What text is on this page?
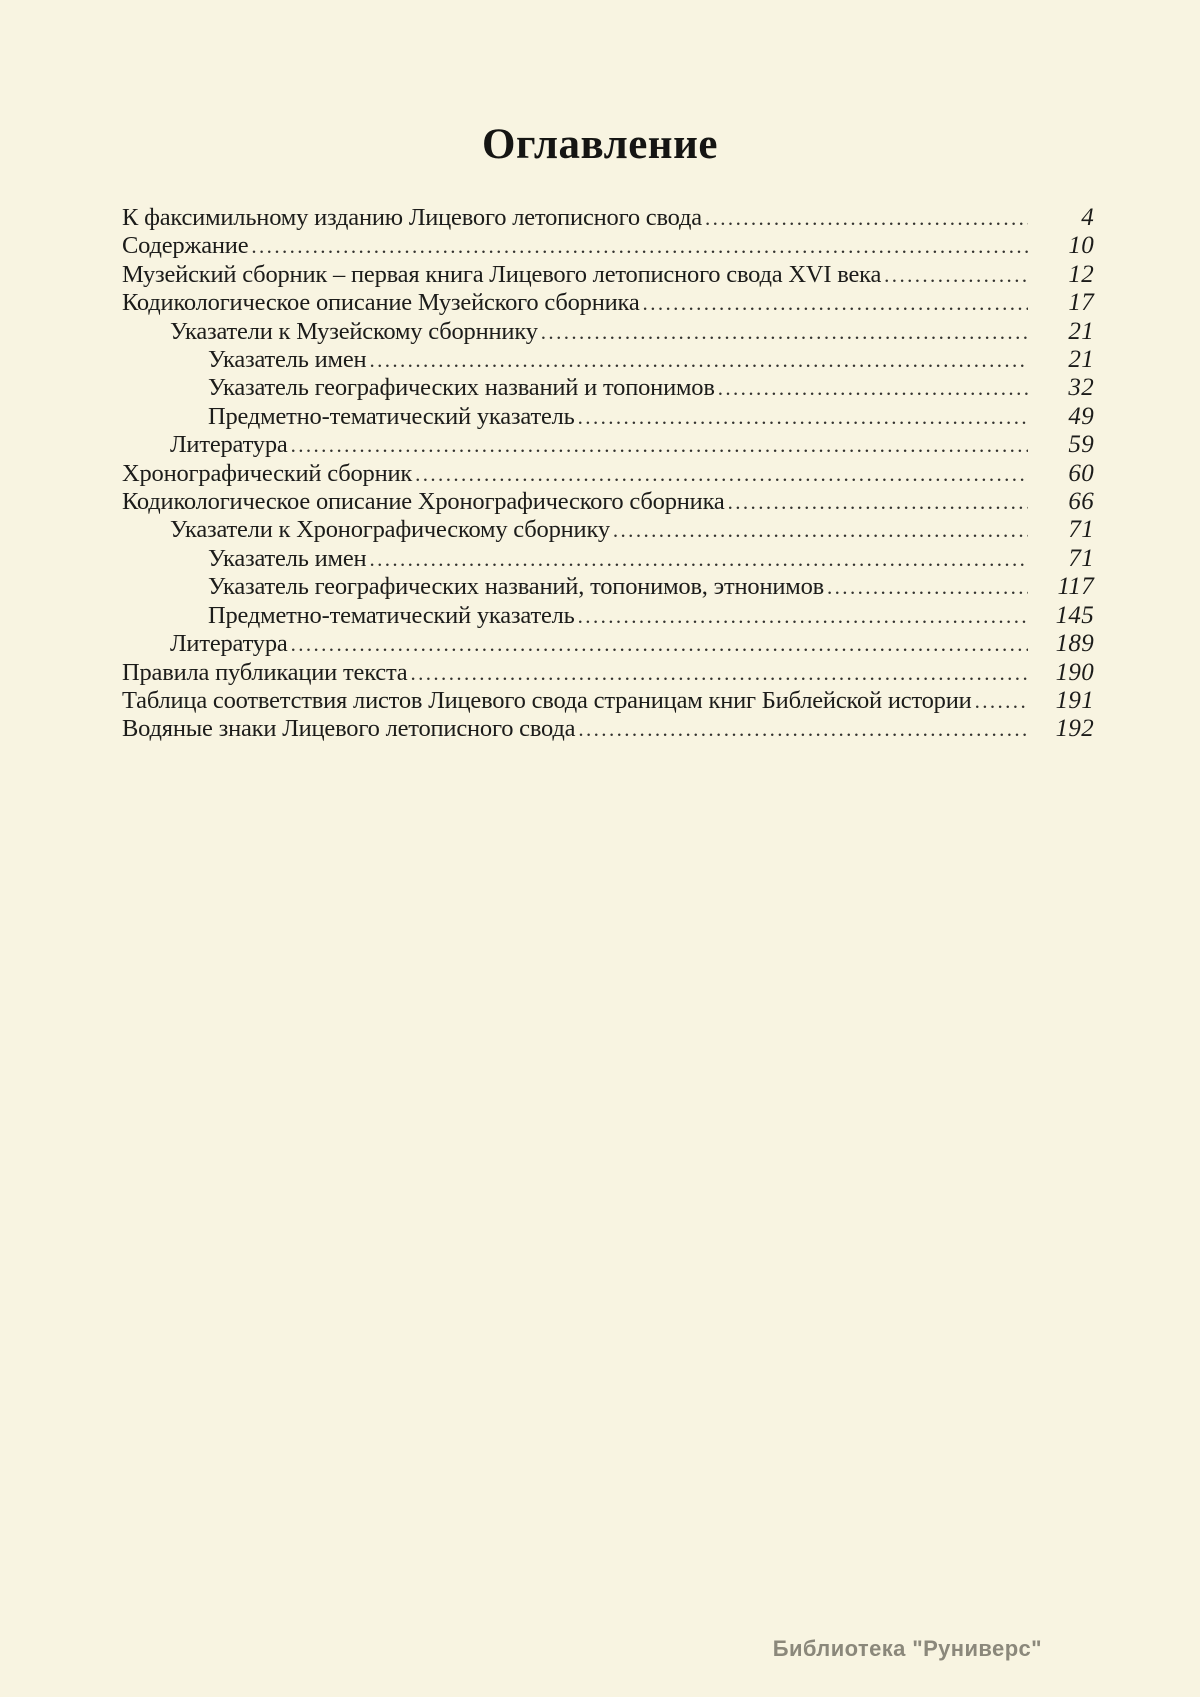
Оглавление
К факсимильному изданию Лицевого летописного свода .....	4
Содержание .....	10
Музейский сборник – первая книга Лицевого летописного свода XVI века .....	12
Кодикологическое описание Музейского сборника .....	17
Указатели к Музейскому сборннику .....	21
Указатель имен .....	21
Указатель географических названий и топонимов .....	32
Предметно-тематический указатель .....	49
Литература .....	59
Хронографический сборник .....	60
Кодикологическое описание Хронографического сборника .....	66
Указатели к Хронографическому сборнику .....	71
Указатель имен .....	71
Указатель географических названий, топонимов, этнонимов .....	117
Предметно-тематический указатель .....	145
Литература .....	189
Правила публикации текста .....	190
Таблица соответствия листов Лицевого свода страницам книг Библейской истории .....	191
Водяные знаки Лицевого летописного свода .....	192
Библиотека "Руниверс"
